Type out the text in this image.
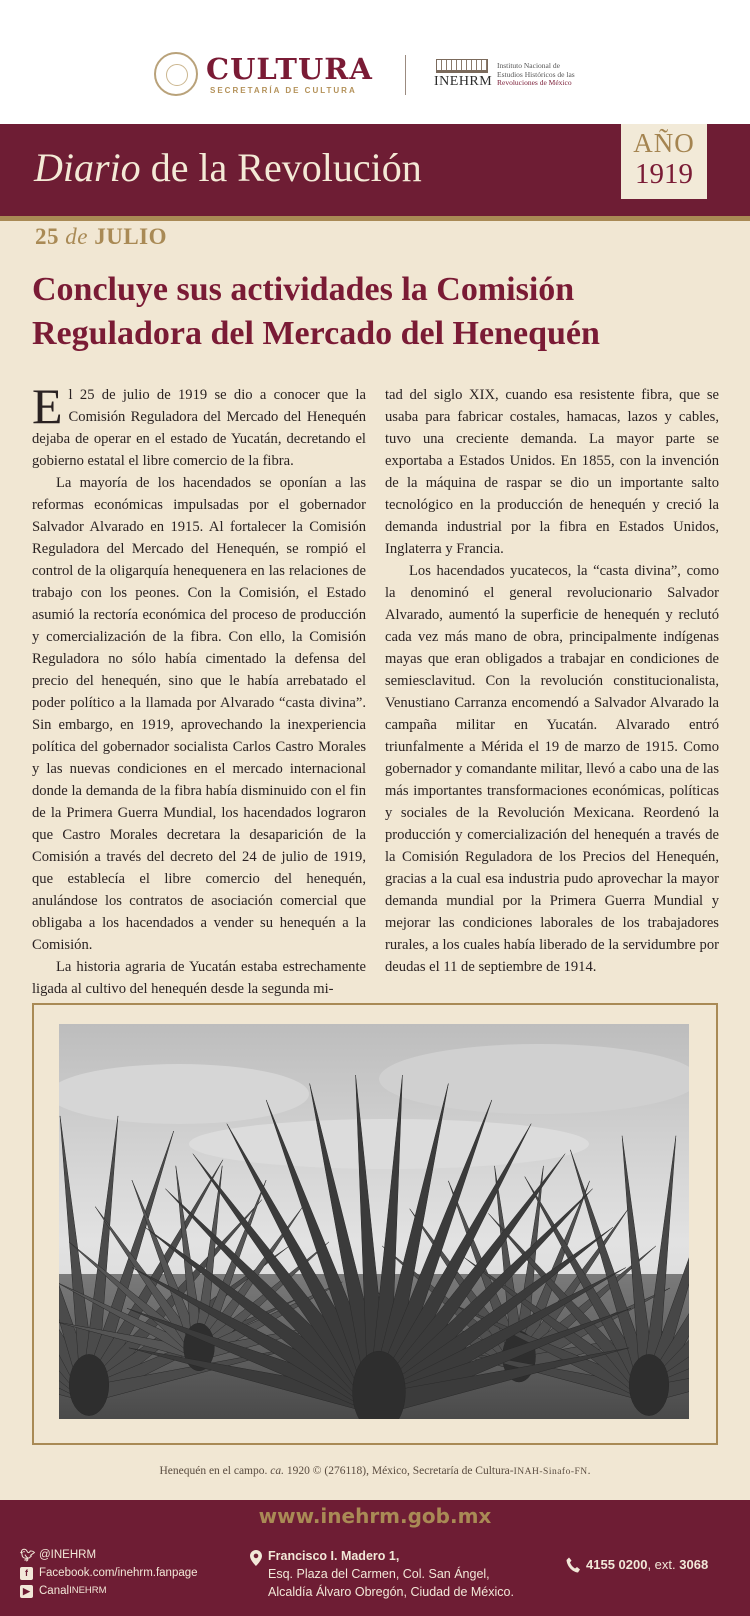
CULTURA
SECRETARÍA DE CULTURA
INEHRM
Instituto Nacional de
Estudios Históricos de las
Revoluciones de México
Diario de la Revolución
AÑO
1919
25 de JULIO
Concluye sus actividades la Comisión Reguladora del Mercado del Henequén

El 25 de julio de 1919 se dio a conocer que la Comisión Reguladora del Mercado del Henequén dejaba de operar en el estado de Yucatán, decretando el gobierno estatal el libre comercio de la fibra.

La mayoría de los hacendados se oponían a las reformas económicas impulsadas por el gobernador Salvador Alvarado en 1915. Al fortalecer la Comisión Reguladora del Mercado del Henequén, se rompió el control de la oligarquía henequenera en las relaciones de trabajo con los peones. Con la Comisión, el Estado asumió la rectoría económica del proceso de producción y comercialización de la fibra. Con ello, la Comisión Reguladora no sólo había cimentado la defensa del precio del henequén, sino que le había arrebatado el poder político a la llamada por Alvarado “casta divina”. Sin embargo, en 1919, aprovechando la inexperiencia política del gobernador socialista Carlos Castro Morales y las nuevas condiciones en el mercado internacional donde la demanda de la fibra había disminuido con el fin de la Primera Guerra Mundial, los hacendados lograron que Castro Morales decretara la desaparición de la Comisión a través del decreto del 24 de julio de 1919, que establecía el libre comercio del henequén, anulándose los contratos de asociación comercial que obligaba a los hacendados a vender su henequén a la Comisión.

La historia agraria de Yucatán estaba estrechamente ligada al cultivo del henequén desde la segunda mi-

tad del siglo XIX, cuando esa resistente fibra, que se usaba para fabricar costales, hamacas, lazos y cables, tuvo una creciente demanda. La mayor parte se exportaba a Estados Unidos. En 1855, con la invención de la máquina de raspar se dio un importante salto tecnológico en la producción de henequén y creció la demanda industrial por la fibra en Estados Unidos, Inglaterra y Francia.

Los hacendados yucatecos, la “casta divina”, como la denominó el general revolucionario Salvador Alvarado, aumentó la superficie de henequén y reclutó cada vez más mano de obra, principalmente indígenas mayas que eran obligados a trabajar en condiciones de semiesclavitud. Con la revolución constitucionalista, Venustiano Carranza encomendó a Salvador Alvarado la campaña militar en Yucatán. Alvarado entró triunfalmente a Mérida el 19 de marzo de 1915. Como gobernador y comandante militar, llevó a cabo una de las más importantes transformaciones económicas, políticas y sociales de la Revolución Mexicana. Reordenó la producción y comercialización del henequén a través de la Comisión Reguladora de los Precios del Henequén, gracias a la cual esa industria pudo aprovechar la mayor demanda mundial por la Primera Guerra Mundial y mejorar las condiciones laborales de los trabajadores rurales, a los cuales había liberado de la servidumbre por deudas el 11 de septiembre de 1914.

Henequén en el campo. ca. 1920 © (276118), México, Secretaría de Cultura-INAH-Sinafo-FN.
www.inehrm.gob.mx
🐦︎ @INEHRM
f Facebook.com/inehrm.fanpage
▶ Canal INEHRM
Francisco I. Madero 1,
Esq. Plaza del Carmen, Col. San Ángel,
Alcaldía Álvaro Obregón, Ciudad de México.
4155 0200, ext. 3068
